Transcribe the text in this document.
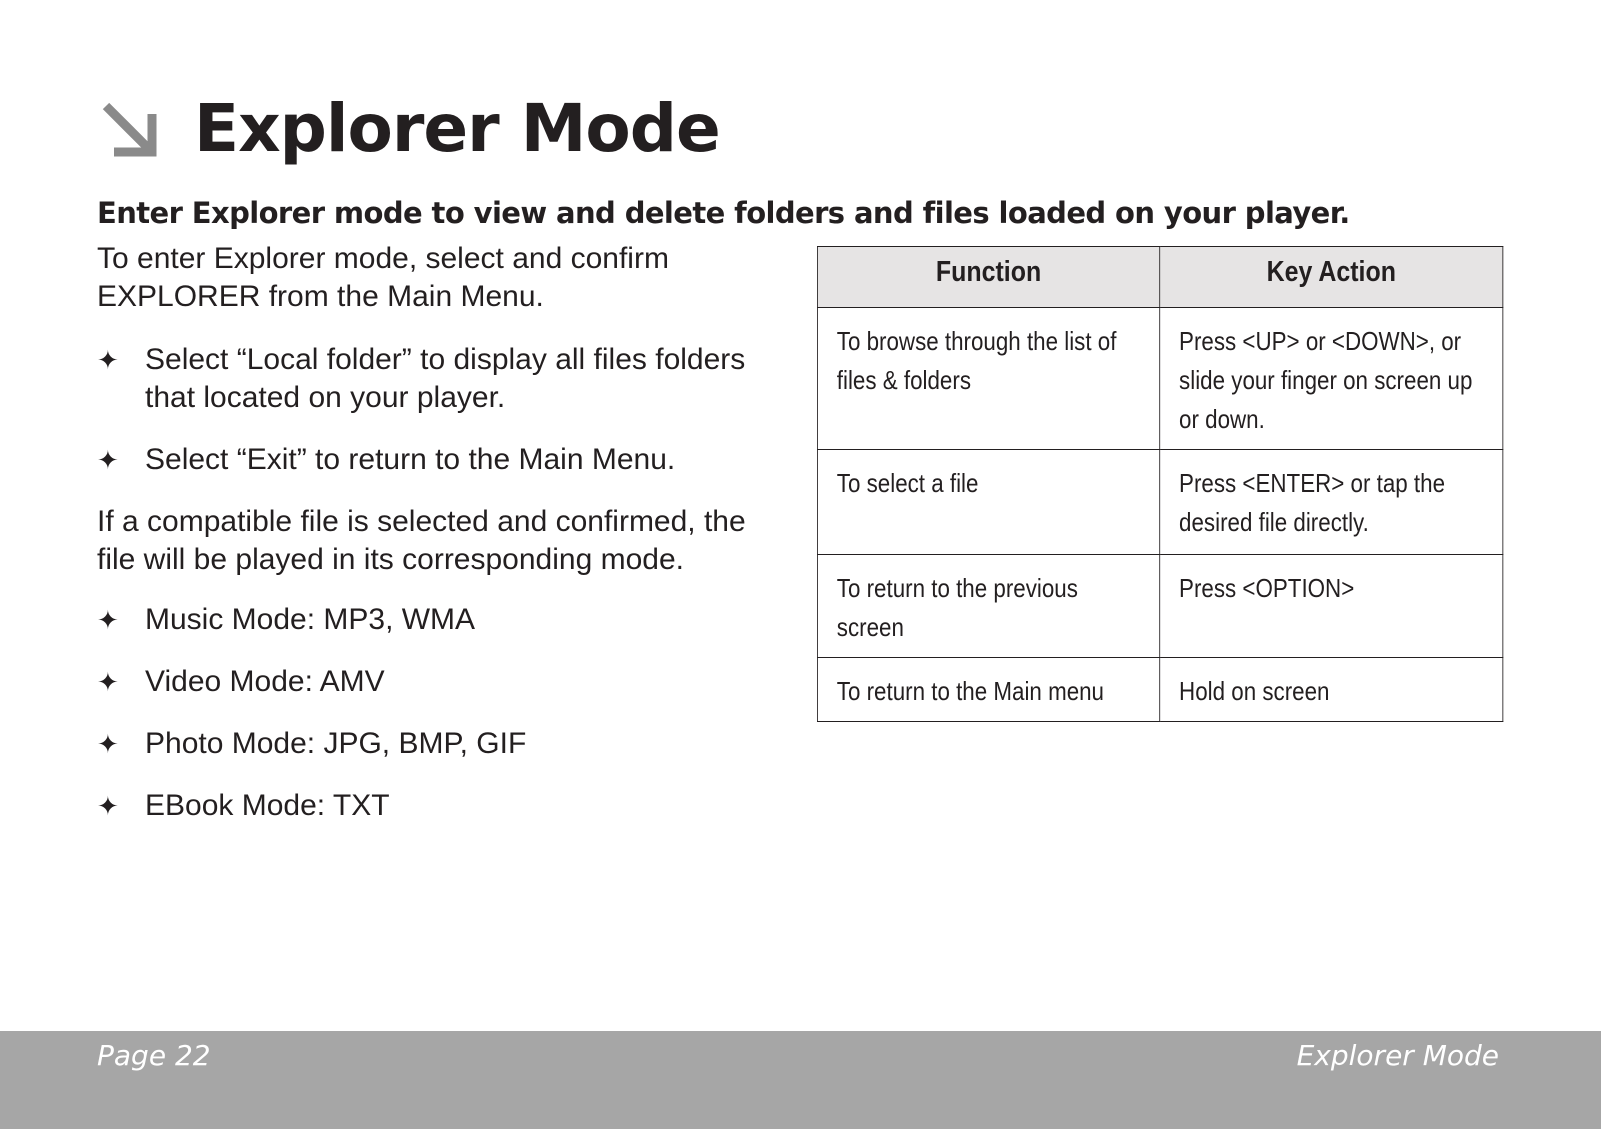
Explorer Mode
Enter Explorer mode to view and delete folders and files loaded on your player.

To enter Explorer mode, select and confirm EXPLORER from the Main Menu.

✦ Select “Local folder” to display all files folders that located on your player.
✦ Select “Exit” to return to the Main Menu.

If a compatible file is selected and confirmed, the file will be played in its corresponding mode.

✦ Music Mode: MP3, WMA
✦ Video Mode: AMV
✦ Photo Mode: JPG, BMP, GIF
✦ EBook Mode: TXT
Function	Key Action
To browse through the list of files & folders	Press <UP> or <DOWN>, or slide your finger on screen up or down.
To select a file	Press <ENTER> or tap the desired file directly.
To return to the previous screen	Press <OPTION>
To return to the Main menu	Hold on screen
Page 22	Explorer Mode
